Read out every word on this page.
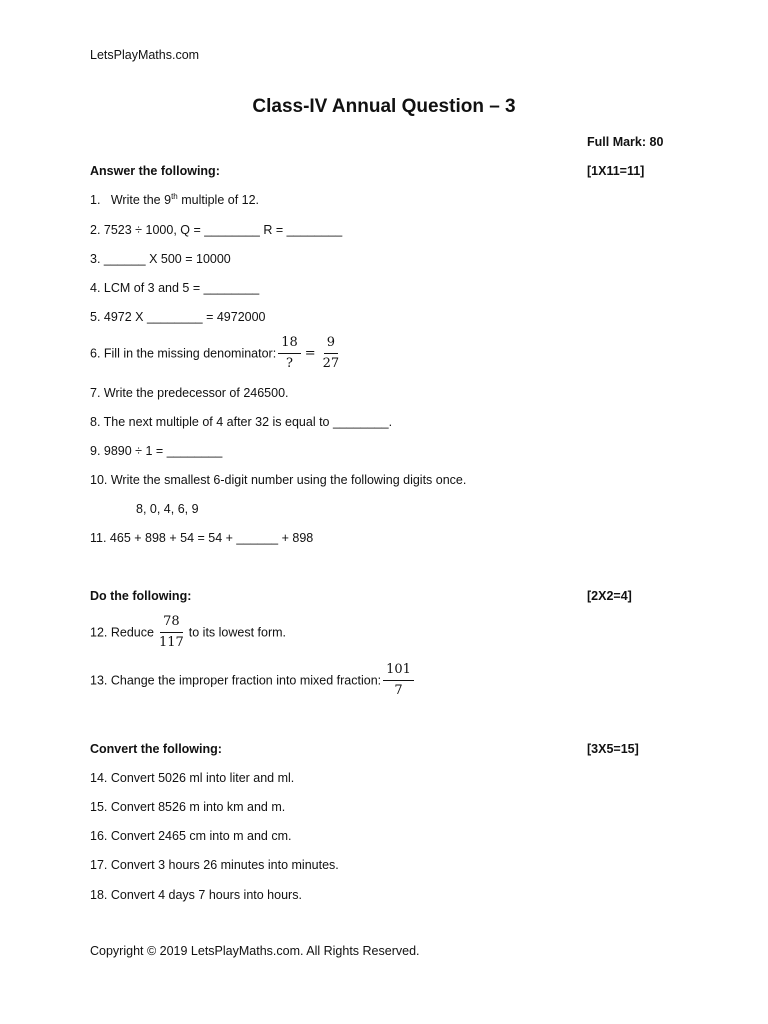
LetsPlayMaths.com
Class-IV Annual Question – 3
Full Mark: 80
Answer the following:	[1X11=11]
1.   Write the 9th multiple of 12.
2. 7523 ÷ 1000, Q = ________ R = ________
3. ______ X 500 = 10000
4. LCM of 3 and 5 = ________
5. 4972 X ________ = 4972000
6. Fill in the missing denominator: $\frac{18}{?} = \frac{9}{27}$
7. Write the predecessor of 246500.
8. The next multiple of 4 after 32 is equal to ________.
9. 9890 ÷ 1 = ________
10. Write the smallest 6-digit number using the following digits once.
8, 0, 4, 6, 9
11. 465 + 898 + 54 = 54 + ______ + 898
Do the following:	[2X2=4]
12. Reduce $\frac{78}{117}$ to its lowest form.
13. Change the improper fraction into mixed fraction: $\frac{101}{7}$
Convert the following:	[3X5=15]
14. Convert 5026 ml into liter and ml.
15. Convert 8526 m into km and m.
16. Convert 2465 cm into m and cm.
17. Convert 3 hours 26 minutes into minutes.
18. Convert 4 days 7 hours into hours.
Copyright © 2019 LetsPlayMaths.com. All Rights Reserved.
